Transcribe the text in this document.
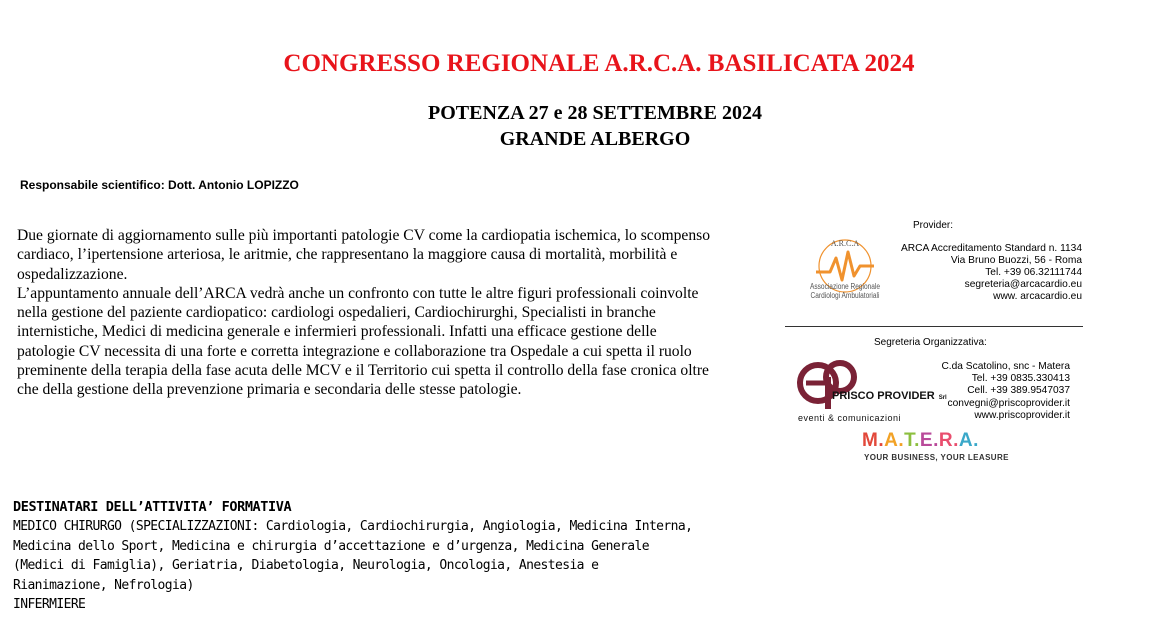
CONGRESSO REGIONALE A.R.C.A. BASILICATA 2024
POTENZA 27 e 28 SETTEMBRE 2024
GRANDE ALBERGO
Responsabile scientifico: Dott. Antonio LOPIZZO

Due giornate di aggiornamento sulle più importanti patologie CV come la cardiopatia ischemica, lo scompenso cardiaco, l’ipertensione arteriosa, le aritmie, che rappresentano la maggiore causa di mortalità, morbilità e ospedalizzazione.

L’appuntamento annuale dell’ARCA vedrà anche un confronto con tutte le altre figuri professionali coinvolte nella gestione del paziente cardiopatico: cardiologi ospedalieri, Cardiochirurghi, Specialisti in branche internistiche, Medici di medicina generale e infermieri professionali. Infatti una efficace gestione delle patologie CV necessita di una forte e corretta integrazione e collaborazione tra Ospedale a cui spetta il ruolo preminente della terapia della fase acuta delle MCV e il Territorio cui spetta il controllo della fase cronica oltre che della gestione della prevenzione primaria e secondaria delle stesse patologie.

Provider:
A.R.C.A
Associazione Regionale
Cardiologi Ambulatoriali
ARCA Accreditamento Standard n. 1134
Via Bruno Buozzi, 56 - Roma
Tel. +39 06.32111744
segreteria@arcacardio.eu
www. arcacardio.eu
Segreteria Organizzativa:
PRISCO PROVIDER Srl
eventi & comunicazioni
C.da Scatolino, snc - Matera
Tel. +39 0835.330413
Cell. +39 389.9547037
convegni@priscoprovider.it
www.priscoprovider.it
M.A.T.E.R.A.
YOUR BUSINESS, YOUR LEASURE
DESTINATARI DELL’ATTIVITA’ FORMATIVA

MEDICO CHIRURGO (SPECIALIZZAZIONI: Cardiologia, Cardiochirurgia, Angiologia, Medicina Interna, Medicina dello Sport, Medicina e chirurgia d’accettazione e d’urgenza, Medicina Generale (Medici di Famiglia), Geriatria, Diabetologia, Neurologia, Oncologia, Anestesia e Rianimazione, Nefrologia)

INFERMIERE
